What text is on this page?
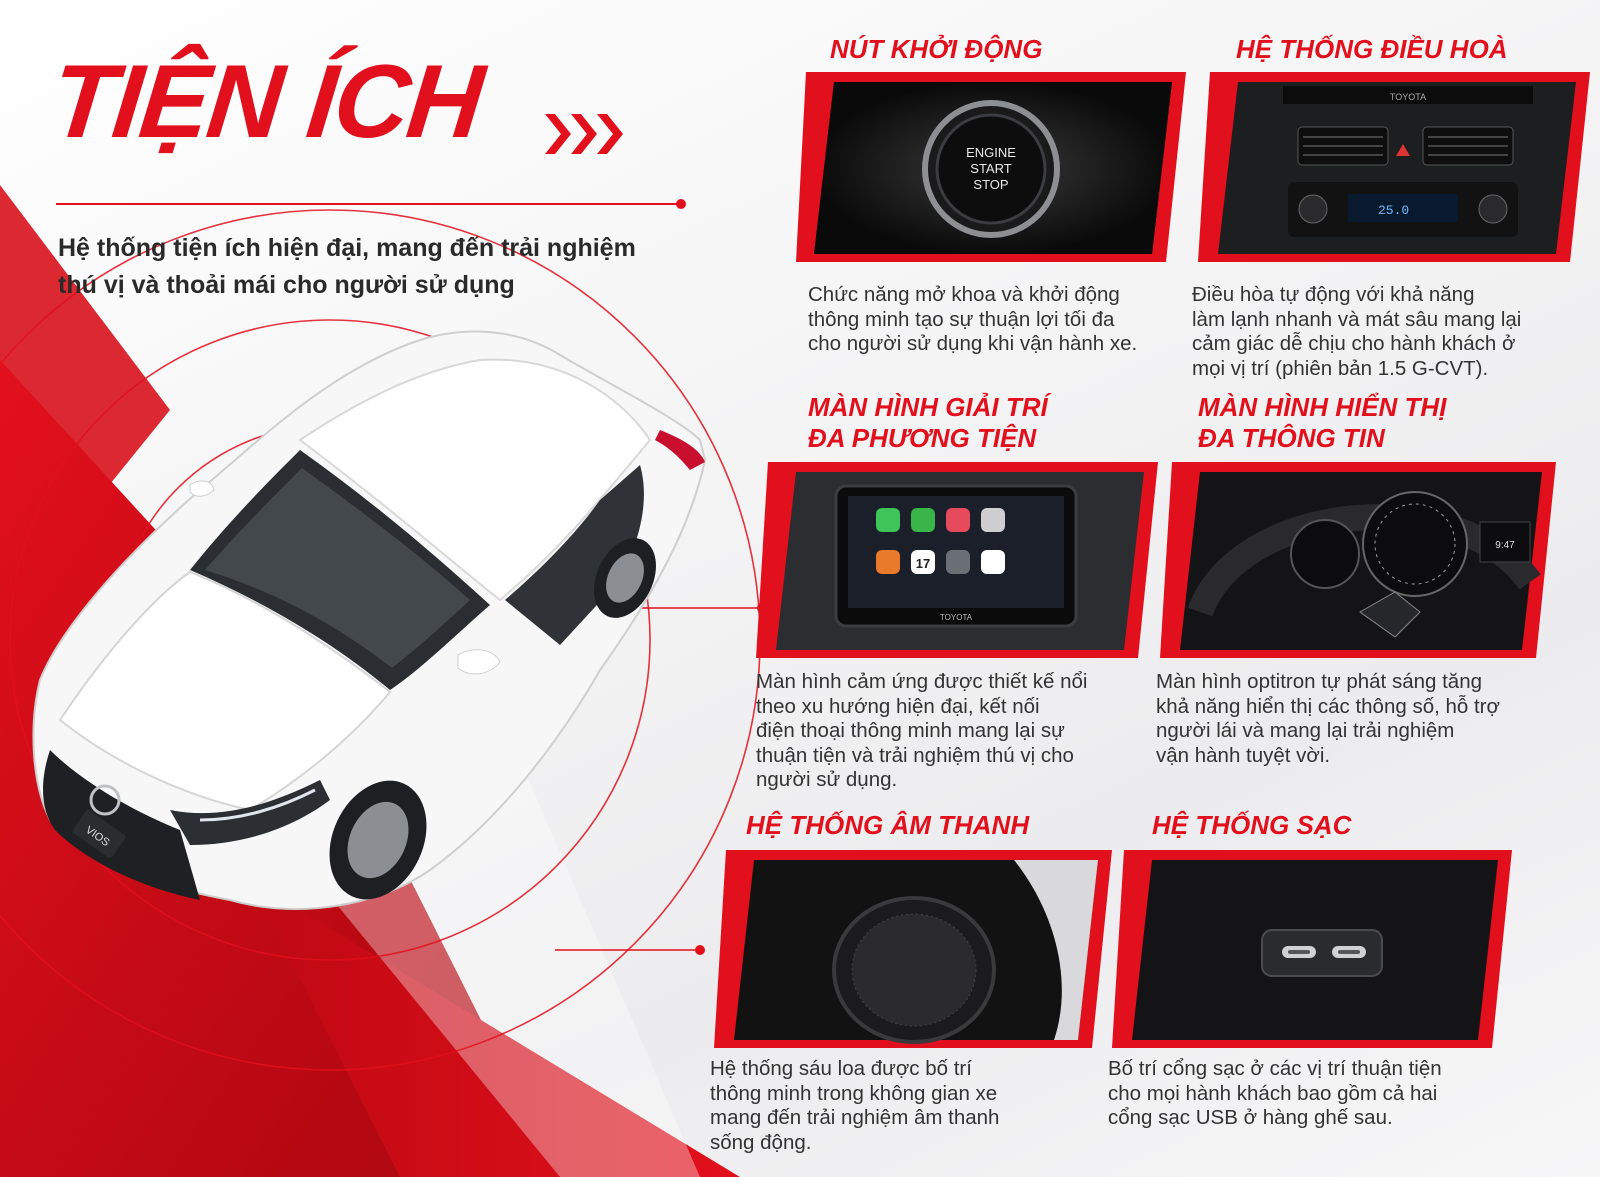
TIỆN ÍCH
Hệ thống tiện ích hiện đại, mang đến trải nghiệm
thú vị và thoải mái cho người sử dụng
VIOS
NÚT KHỞI ĐỘNG
ENGINE
START
STOP
Chức năng mở khoa và khởi động
thông minh tạo sự thuận lợi tối đa
cho người sử dụng khi vận hành xe.
HỆ THỐNG ĐIỀU HOÀ
TOYOTA
25.0
Điều hòa tự động với khả năng
làm lạnh nhanh và mát sâu mang lại
cảm giác dễ chịu cho hành khách ở
mọi vị trí (phiên bản 1.5 G-CVT).
MÀN HÌNH GIẢI TRÍ
ĐA PHƯƠNG TIỆN
17
TOYOTA
Màn hình cảm ứng được thiết kế nổi
theo xu hướng hiện đại, kết nối
điện thoại thông minh mang lại sự
thuận tiện và trải nghiệm thú vị cho
người sử dụng.
MÀN HÌNH HIỂN THỊ
ĐA THÔNG TIN
9:47
Màn hình optitron tự phát sáng tăng
khả năng hiển thị các thông số, hỗ trợ
người lái và mang lại trải nghiệm
vận hành tuyệt vời.
HỆ THỐNG ÂM THANH
Hệ thống sáu loa được bố trí
thông minh trong không gian xe
mang đến trải nghiệm âm thanh
sống động.
HỆ THỐNG SẠC
Bố trí cổng sạc ở các vị trí thuận tiện
cho mọi hành khách bao gồm cả hai
cổng sạc USB ở hàng ghế sau.
